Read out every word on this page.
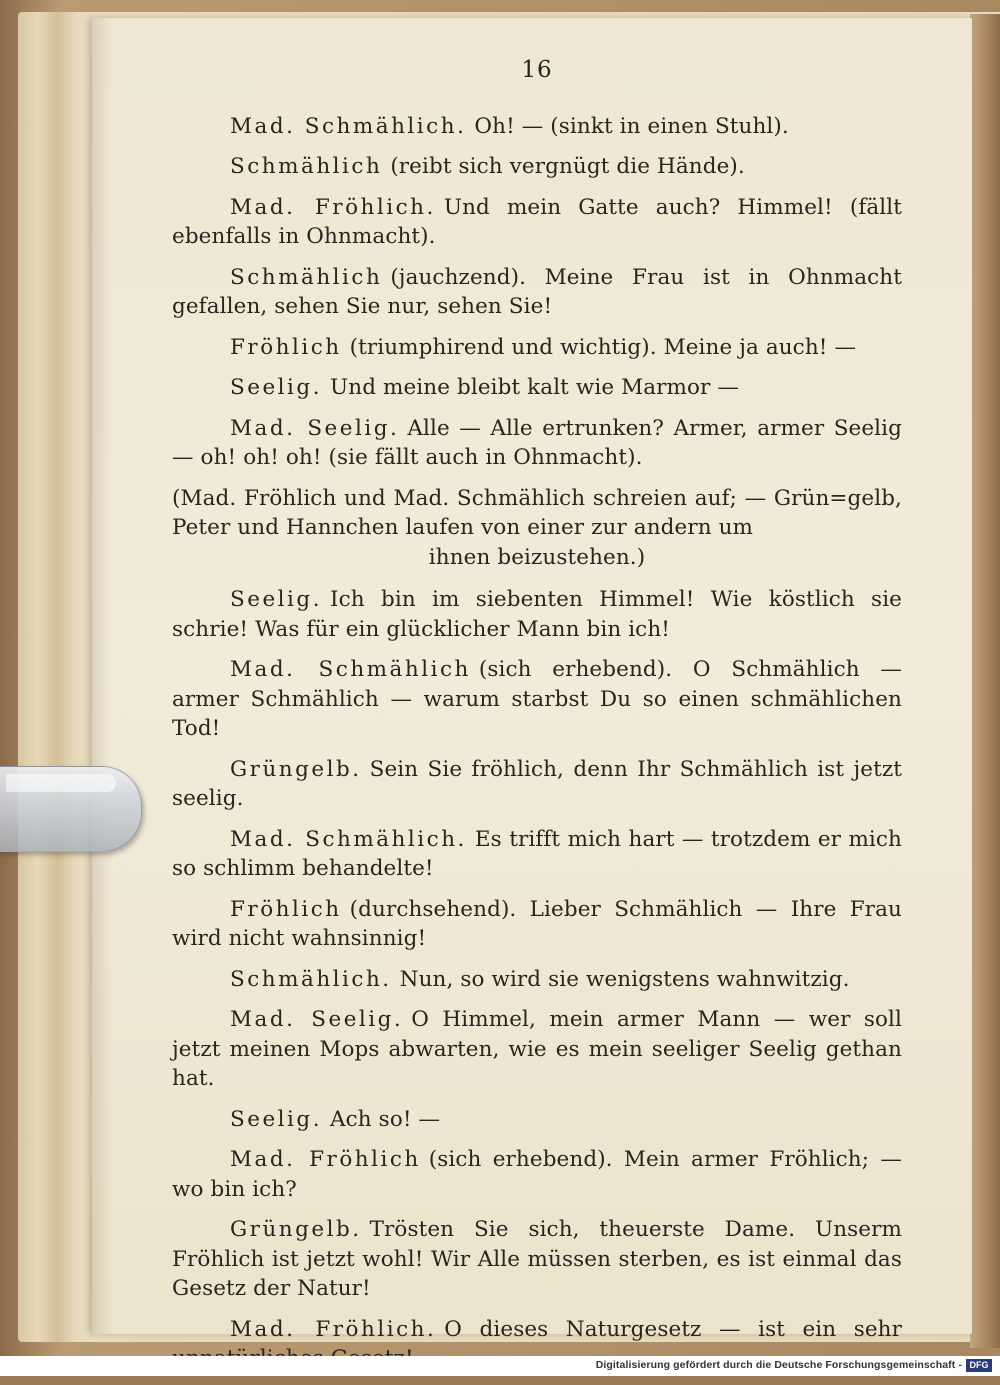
16

Mad. Schmählich. Oh! — (sinkt in einen Stuhl).

Schmählich (reibt sich vergnügt die Hände).

Mad. Fröhlich. Und mein Gatte auch? Himmel! (fällt ebenfalls in Ohnmacht).

Schmählich (jauchzend). Meine Frau ist in Ohnmacht gefallen, sehen Sie nur, sehen Sie!

Fröhlich (triumphirend und wichtig). Meine ja auch! —

Seelig. Und meine bleibt kalt wie Marmor —

Mad. Seelig. Alle — Alle ertrunken? Armer, armer Seelig — oh! oh! oh! (sie fällt auch in Ohnmacht).

(Mad. Fröhlich und Mad. Schmählich schreien auf; — Grün=gelb, Peter und Hannchen laufen von einer zur andern um
ihnen beizustehen.)

Seelig. Ich bin im siebenten Himmel! Wie köstlich sie schrie! Was für ein glücklicher Mann bin ich!

Mad. Schmählich (sich erhebend). O Schmählich — armer Schmählich — warum starbst Du so einen schmählichen Tod!

Grüngelb. Sein Sie fröhlich, denn Ihr Schmählich ist jetzt seelig.

Mad. Schmählich. Es trifft mich hart — trotzdem er mich so schlimm behandelte!

Fröhlich (durchsehend). Lieber Schmählich — Ihre Frau wird nicht wahnsinnig!

Schmählich. Nun, so wird sie wenigstens wahnwitzig.

Mad. Seelig. O Himmel, mein armer Mann — wer soll jetzt meinen Mops abwarten, wie es mein seeliger Seelig gethan hat.

Seelig. Ach so! —

Mad. Fröhlich (sich erhebend). Mein armer Fröhlich; — wo bin ich?

Grüngelb. Trösten Sie sich, theuerste Dame. Unserm Fröhlich ist jetzt wohl! Wir Alle müssen sterben, es ist einmal das Gesetz der Natur!

Mad. Fröhlich. O dieses Naturgesetz — ist ein sehr

Digitalisierung gefördert durch die Deutsche Forschungsgemeinschaft - DFG
